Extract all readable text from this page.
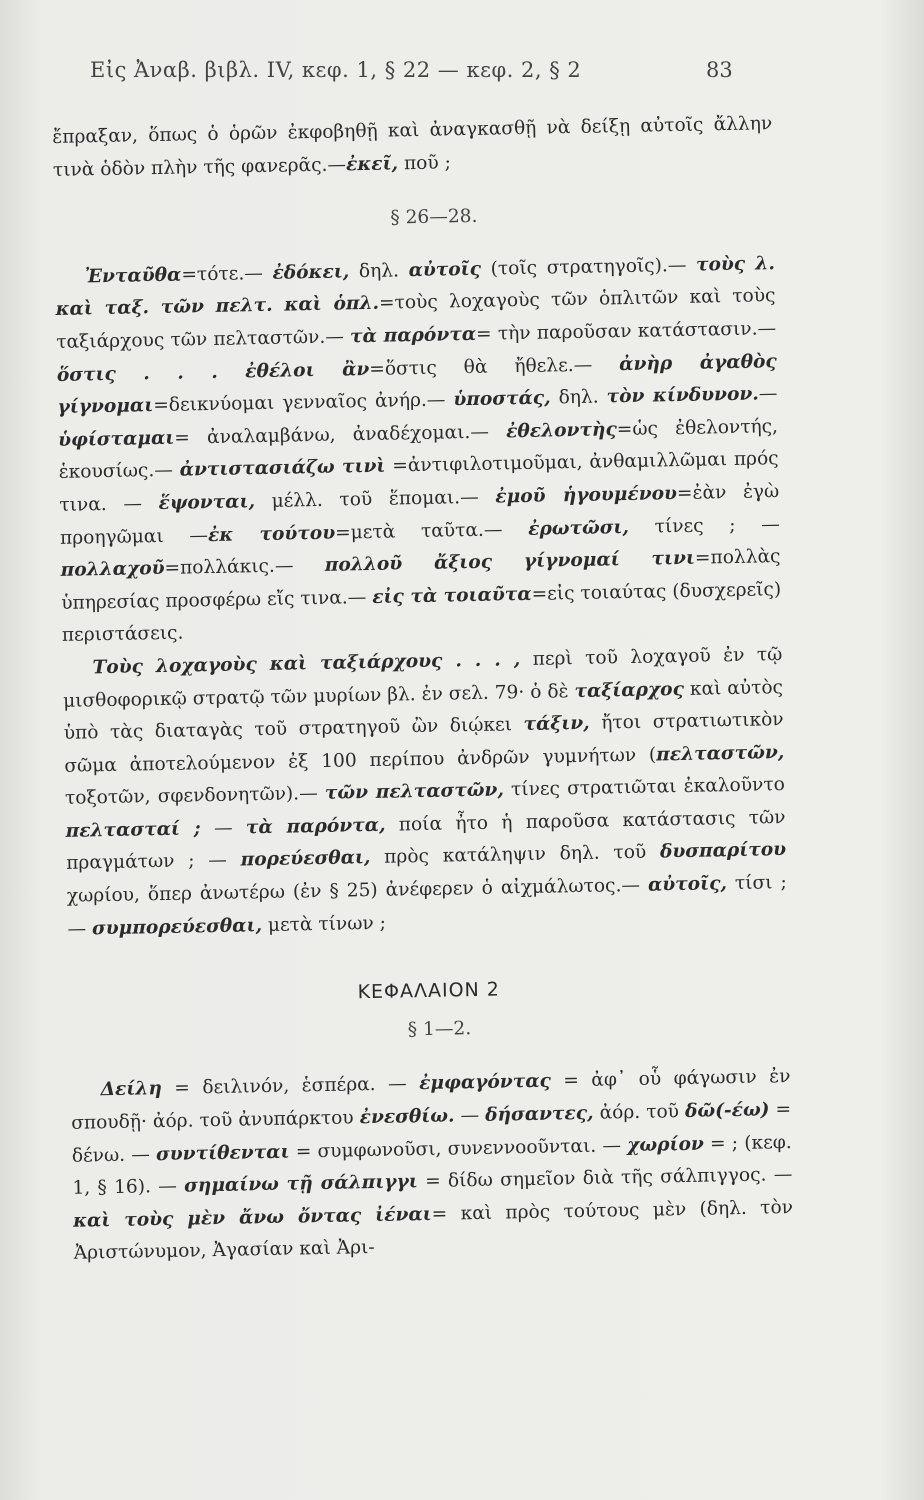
Εἰς Ἀναβ. βιβλ. IV, κεφ. 1, § 22 — κεφ. 2, § 2	83

ἔπραξαν, ὅπως ὁ ὁρῶν ἐκφοβηθῇ καὶ ἀναγκασθῇ νὰ δείξῃ αὐτοῖς ἄλλην τινὰ ὁδὸν πλὴν τῆς φανερᾶς.—ἐκεῖ, ποῦ ;

§ 26—28.

Ἐνταῦθα=τότε.— ἐδόκει, δηλ. αὐτοῖς (τοῖς στρατηγοῖς).— τοὺς λ. καὶ ταξ. τῶν πελτ. καὶ ὁπλ.=τοὺς λοχαγοὺς τῶν ὁπλιτῶν καὶ τοὺς ταξιάρχους τῶν πελταστῶν.— τὰ παρόντα= τὴν παροῦσαν κατάστασιν.— ὅστις . . . ἐθέλοι ἂν=ὅστις θὰ ἤθελε.— ἀνὴρ ἀγαθὸς γίγνομαι=δεικνύομαι γενναῖος ἀνήρ.— ὑποστάς, δηλ. τὸν κίνδυνον.— ὑφίσταμαι= ἀναλαμβάνω, ἀναδέχομαι.— ἐθελοντὴς=ὡς ἐθελοντής, ἑκουσίως.— ἀντιστασιάζω τινὶ =ἀντιφιλοτιμοῦμαι, ἀνθαμιλλῶμαι πρός τινα. — ἕψονται, μέλλ. τοῦ ἕπομαι.— ἐμοῦ ἡγουμένου=ἐὰν ἐγὼ προηγῶμαι —ἐκ τούτου=μετὰ ταῦτα.— ἐρωτῶσι, τίνες ; — πολλαχοῦ=πολλάκις.— πολλοῦ ἄξιος γίγνομαί τινι=πολλὰς ὑπηρεσίας προσφέρω εἴς τινα.— εἰς τὰ τοιαῦτα=εἰς τοιαύτας (δυσχερεῖς) περιστάσεις.

Τοὺς λοχαγοὺς καὶ ταξιάρχους . . . , περὶ τοῦ λοχαγοῦ ἐν τῷ μισθοφορικῷ στρατῷ τῶν μυρίων βλ. ἐν σελ. 79· ὁ δὲ ταξίαρχος καὶ αὐτὸς ὑπὸ τὰς διαταγὰς τοῦ στρατηγοῦ ὢν διῴκει τάξιν, ἤτοι στρατιωτικὸν σῶμα ἀποτελούμενον ἐξ 100 περίπου ἀνδρῶν γυμνήτων (πελταστῶν, τοξοτῶν, σφενδονητῶν).— τῶν πελταστῶν, τίνες στρατιῶται ἐκαλοῦντο πελτασταί ; — τὰ παρόντα, ποία ἦτο ἡ παροῦσα κατάστασις τῶν πραγμάτων ; — πορεύεσθαι, πρὸς κατάληψιν δηλ. τοῦ δυσπαρίτου χωρίου, ὅπερ ἀνωτέρω (ἐν § 25) ἀνέφερεν ὁ αἰχμάλωτος.— αὐτοῖς, τίσι ; — συμπορεύεσθαι, μετὰ τίνων ;

ΚΕΦΑΛΑΙΟΝ 2

§ 1—2.

Δείλη = δειλινόν, ἑσπέρα. — ἐμφαγόντας = ἀφ᾿ οὗ φάγωσιν ἐν σπουδῇ· ἀόρ. τοῦ ἀνυπάρκτου ἐνεσθίω. — δήσαντες, ἀόρ. τοῦ δῶ(-έω) = δένω. — συντίθενται = συμφωνοῦσι, συνεννοοῦνται. — χωρίον = ; (κεφ. 1, § 16). — σημαίνω τῇ σάλπιγγι = δίδω σημεῖον διὰ τῆς σάλπιγγος. — καὶ τοὺς μὲν ἄνω ὄντας ἰέναι= καὶ πρὸς τούτους μὲν (δηλ. τὸν Ἀριστώνυμον, Ἀγασίαν καὶ Ἀρι-
